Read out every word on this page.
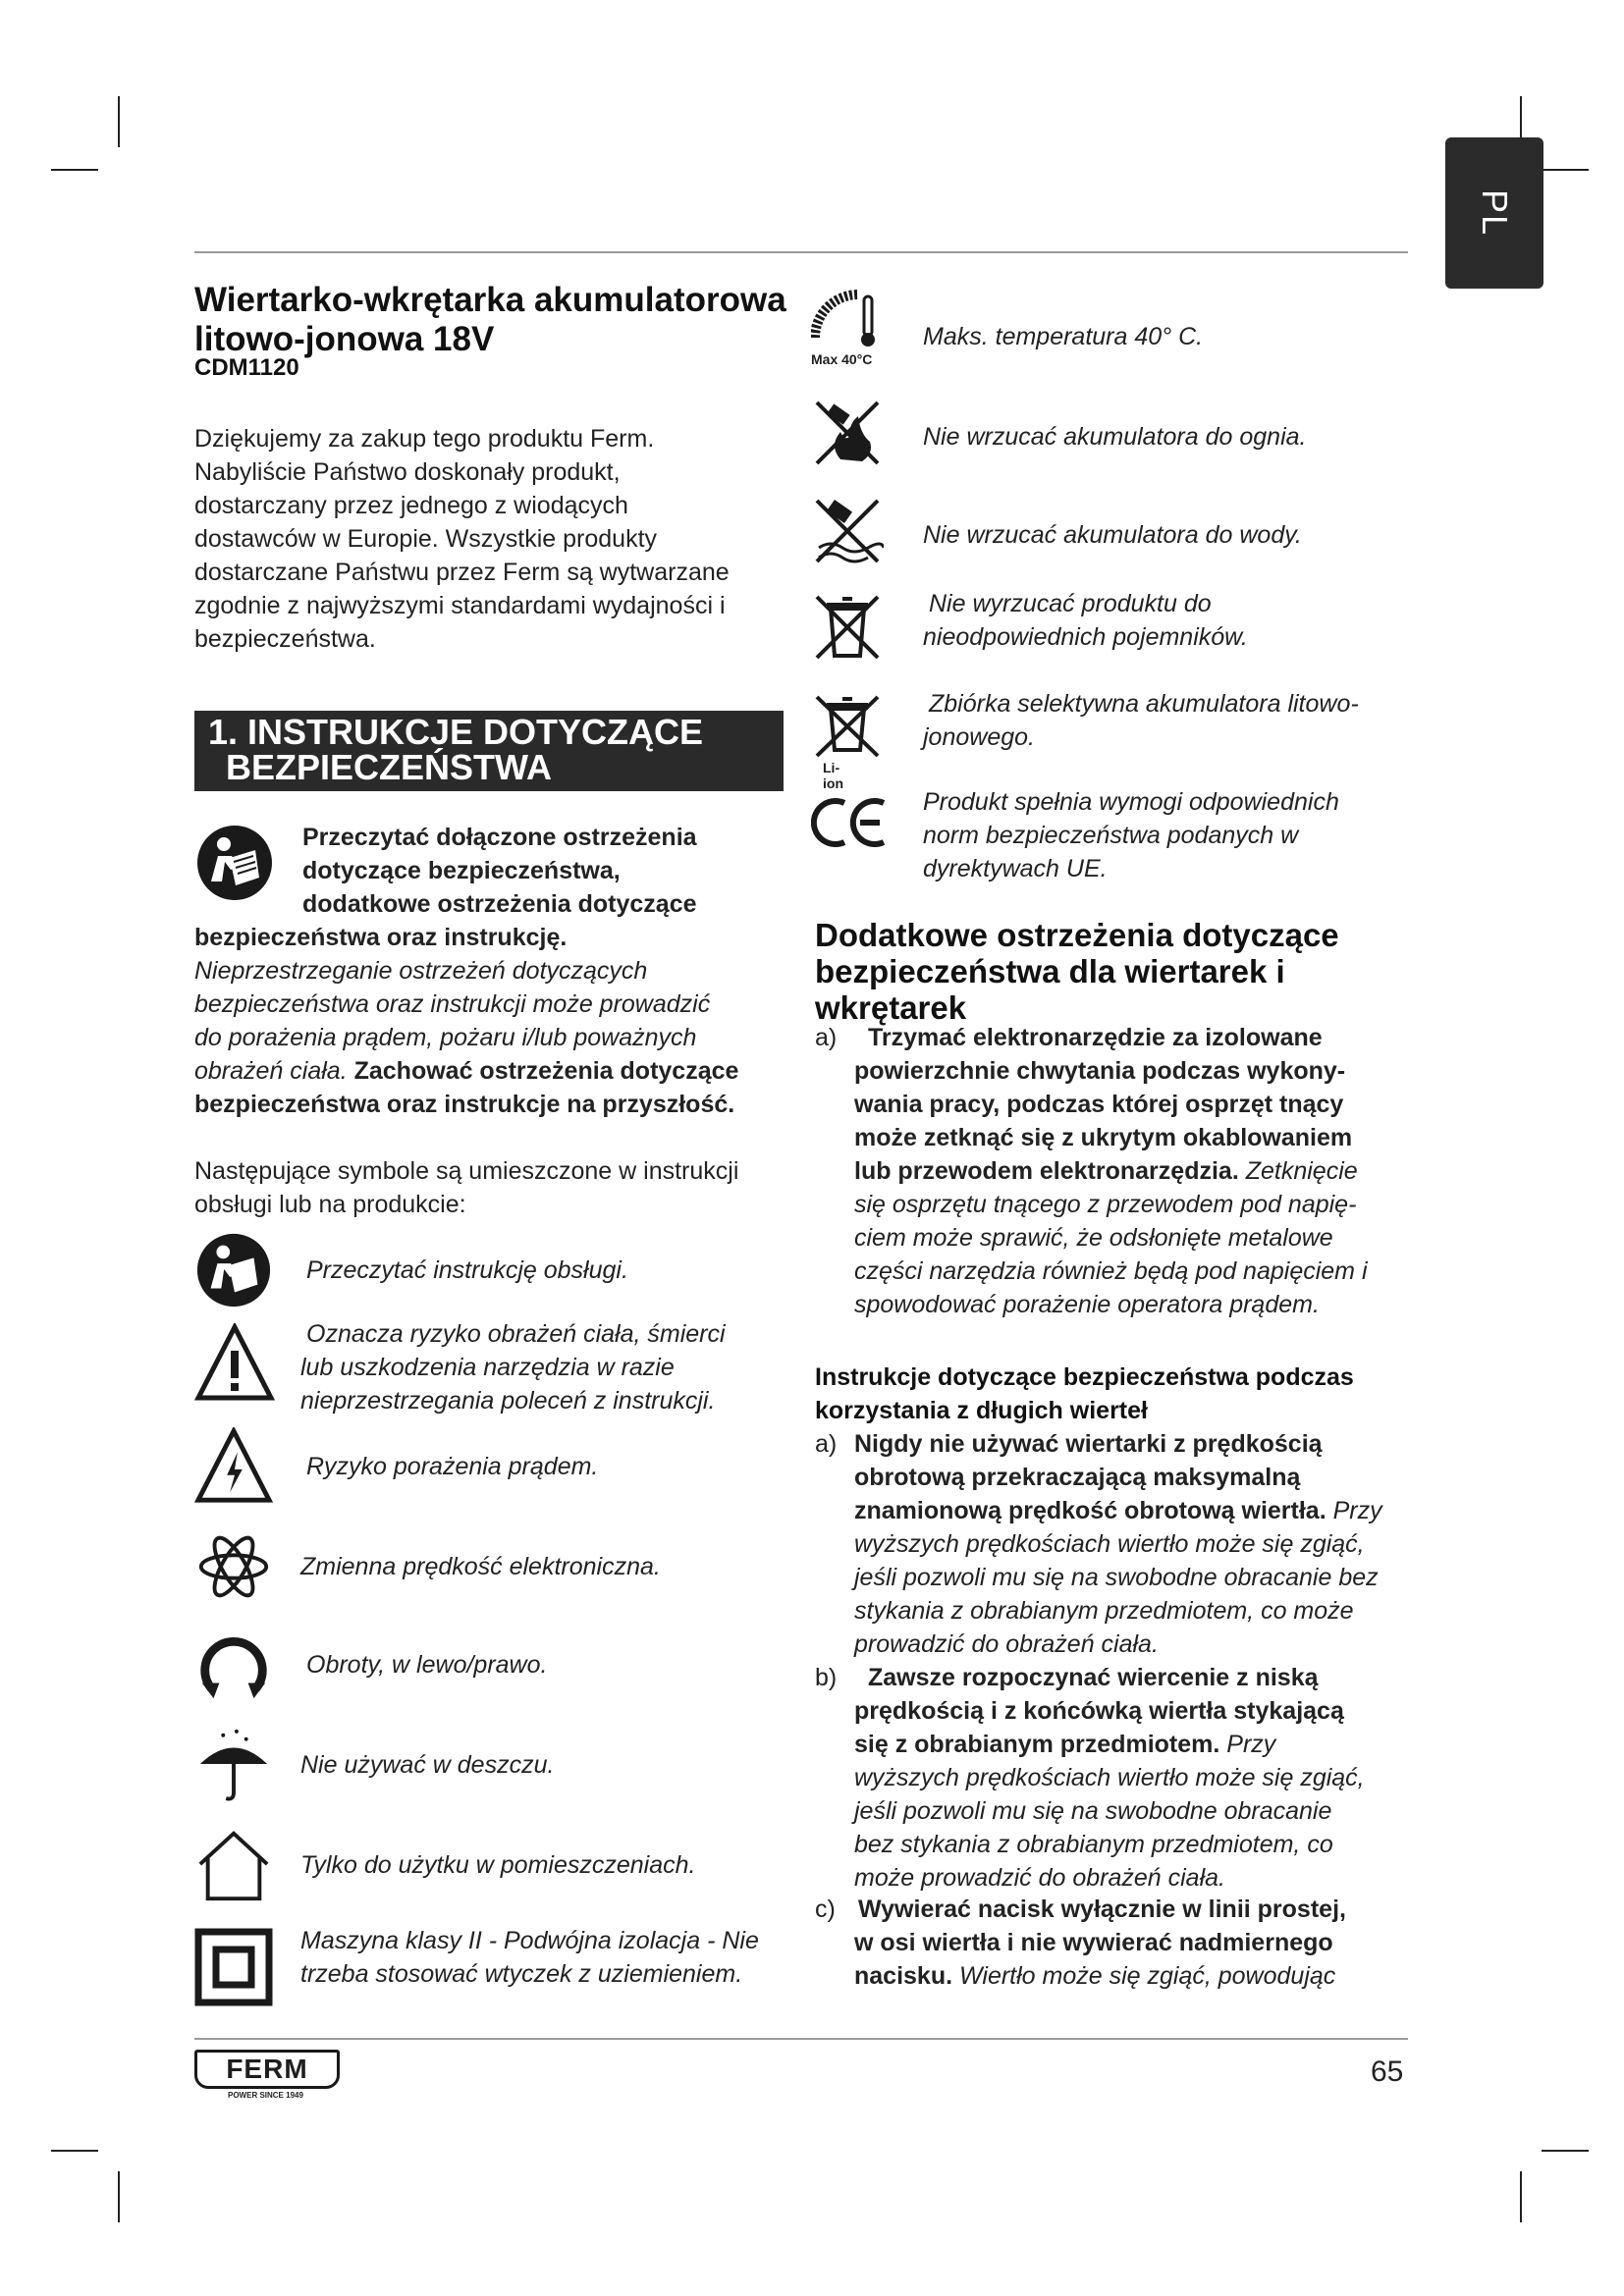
PL
Wiertarko-wkrętarka akumulatorowa
litowo-jonowa 18V
CDM1120
Dziękujemy za zakup tego produktu Ferm.
Nabyliście Państwo doskonały produkt,
dostarczany przez jednego z wiodących
dostawców w Europie. Wszystkie produkty
dostarczane Państwu przez Ferm są wytwarzane
zgodnie z najwyższymi standardami wydajności i
bezpieczeństwa.
1. INSTRUKCJE DOTYCZĄCE
BEZPIECZEŃSTWA
Przeczytać dołączone ostrzeżenia
dotyczące bezpieczeństwa,
dodatkowe ostrzeżenia dotyczące
bezpieczeństwa oraz instrukcję.
Nieprzestrzeganie ostrzeżeń dotyczących
bezpieczeństwa oraz instrukcji może prowadzić
do porażenia prądem, pożaru i/lub poważnych
obrażeń ciała. Zachować ostrzeżenia dotyczące
bezpieczeństwa oraz instrukcje na przyszłość.
Następujące symbole są umieszczone w instrukcji
obsługi lub na produkcie:
Przeczytać instrukcję obsługi.
Oznacza ryzyko obrażeń ciała, śmierci
lub uszkodzenia narzędzia w razie
nieprzestrzegania poleceń z instrukcji.
Ryzyko porażenia prądem.
Zmienna prędkość elektroniczna.
Obroty, w lewo/prawo.
Nie używać w deszczu.
Tylko do użytku w pomieszczeniach.
Maszyna klasy II - Podwójna izolacja - Nie
trzeba stosować wtyczek z uziemieniem.
Max 40°C
Maks. temperatura 40° C.
Nie wrzucać akumulatora do ognia.
Nie wrzucać akumulatora do wody.
Nie wyrzucać produktu do
nieodpowiednich pojemników.
Li-ion
Zbiórka selektywna akumulatora litowo-
jonowego.
Produkt spełnia wymogi odpowiednich
norm bezpieczeństwa podanych w
dyrektywach UE.
Dodatkowe ostrzeżenia dotyczące
bezpieczeństwa dla wiertarek i
wkrętarek
a)	Trzymać elektronarzędzie za izolowane
powierzchnie chwytania podczas wykony-
wania pracy, podczas której osprzęt tnący
może zetknąć się z ukrytym okablowaniem
lub przewodem elektronarzędzia. Zetknięcie
się osprzętu tnącego z przewodem pod napię-
ciem może sprawić, że odsłonięte metalowe
części narzędzia również będą pod napięciem i
spowodować porażenie operatora prądem.
Instrukcje dotyczące bezpieczeństwa podczas
korzystania z długich wierteł
a) Nigdy nie używać wiertarki z prędkością
obrotową przekraczającą maksymalną
znamionową prędkość obrotową wiertła. Przy
wyższych prędkościach wiertło może się zgiąć,
jeśli pozwoli mu się na swobodne obracanie bez
stykania z obrabianym przedmiotem, co może
prowadzić do obrażeń ciała.
b)	Zawsze rozpoczynać wiercenie z niską
prędkością i z końcówką wiertła stykającą
się z obrabianym przedmiotem. Przy
wyższych prędkościach wiertło może się zgiąć,
jeśli pozwoli mu się na swobodne obracanie
bez stykania z obrabianym przedmiotem, co
może prowadzić do obrażeń ciała.
c) Wywierać nacisk wyłącznie w linii prostej,
w osi wiertła i nie wywierać nadmiernego
nacisku. Wiertło może się zgiąć, powodując
FERM
POWER SINCE 1949
65
